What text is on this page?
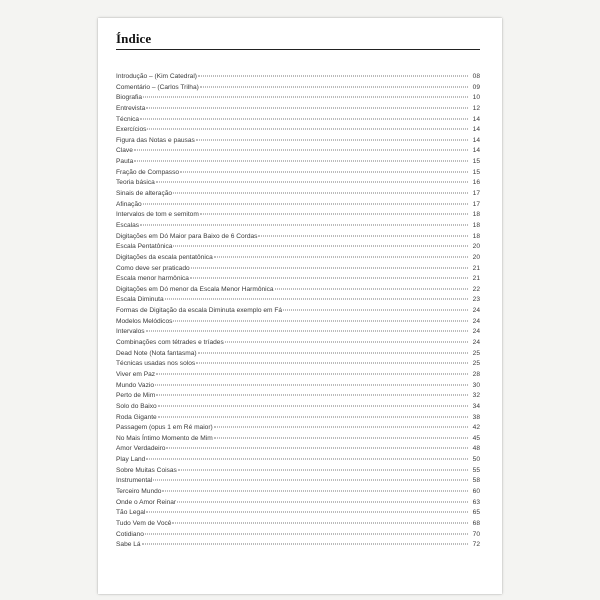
Índice
Introdução – (Kim Catedral)	08
Comentário – (Carlos Trilha)	09
Biografia	10
Entrevista	12
Técnica	14
Exercícios	14
Figura das Notas e pausas	14
Clave	14
Pauta	15
Fração de Compasso	15
Teoria básica	16
Sinais de alteração	17
Afinação	17
Intervalos de tom e semitom	18
Escalas	18
Digitações em Dó Maior para Baixo de 6 Cordas	18
Escala Pentatônica	20
Digitações da escala pentatônica	20
Como deve ser praticado	21
Escala menor harmônica	21
Digitações em Dó menor da Escala Menor Harmônica	22
Escala Diminuta	23
Formas de Digitação da escala Diminuta exemplo em Fá	24
Modelos Melódicos	24
Intervalos	24
Combinações com tétrades e tríades	24
Dead Note (Nota fantasma)	25
Técnicas usadas nos solos	25
Viver em Paz	28
Mundo Vazio	30
Perto de Mim	32
Solo do Baixo	34
Roda Gigante	38
Passagem (opus 1 em Ré maior)	42
No Mais Íntimo Momento de Mim	45
Amor Verdadeiro	48
Play Land	50
Sobre Muitas Coisas	55
Instrumental	58
Terceiro Mundo	60
Onde o Amor Reinar	63
Tão Legal	65
Tudo Vem de Você	68
Cotidiano	70
Sabe Lá	72
